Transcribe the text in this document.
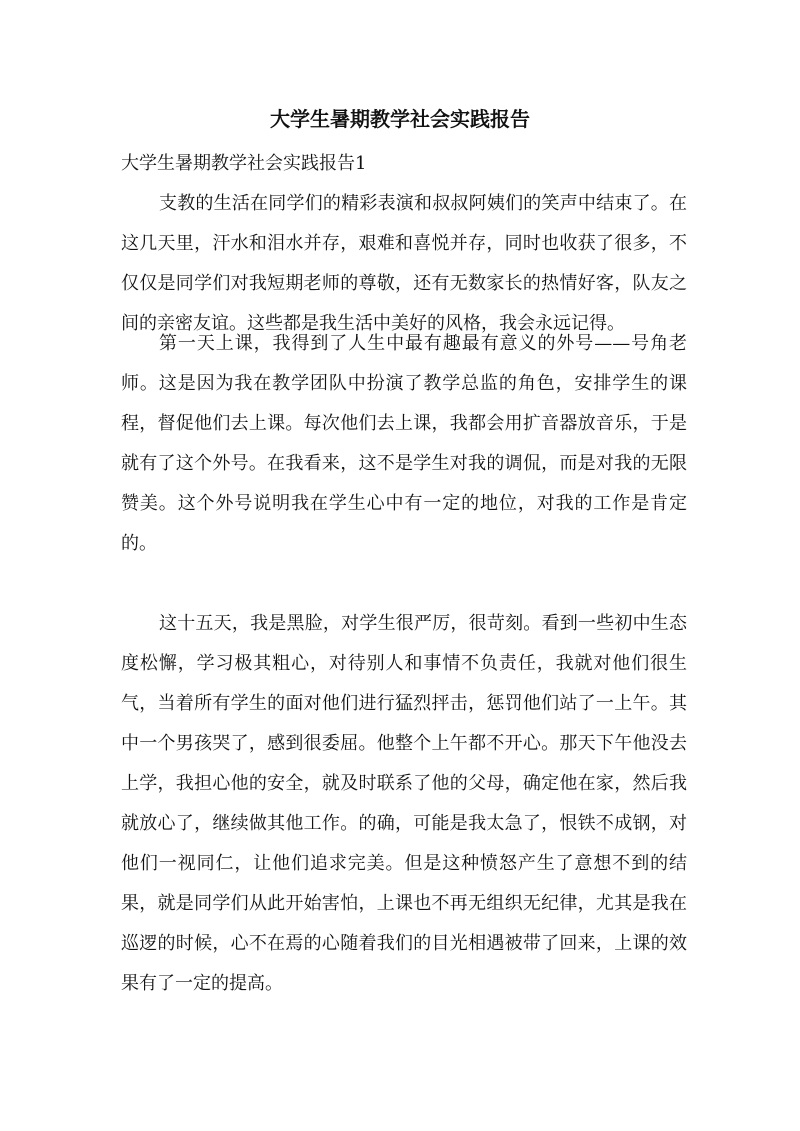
大学生暑期教学社会实践报告
大学生暑期教学社会实践报告1

支教的生活在同学们的精彩表演和叔叔阿姨们的笑声中结束了。在这几天里，汗水和泪水并存，艰难和喜悦并存，同时也收获了很多，不仅仅是同学们对我短期老师的尊敬，还有无数家长的热情好客，队友之间的亲密友谊。这些都是我生活中美好的风格，我会永远记得。

第一天上课，我得到了人生中最有趣最有意义的外号——号角老师。这是因为我在教学团队中扮演了教学总监的角色，安排学生的课程，督促他们去上课。每次他们去上课，我都会用扩音器放音乐，于是就有了这个外号。在我看来，这不是学生对我的调侃，而是对我的无限赞美。这个外号说明我在学生心中有一定的地位，对我的工作是肯定的。

这十五天，我是黑脸，对学生很严厉，很苛刻。看到一些初中生态度松懈，学习极其粗心，对待别人和事情不负责任，我就对他们很生气，当着所有学生的面对他们进行猛烈抨击，惩罚他们站了一上午。其中一个男孩哭了，感到很委屈。他整个上午都不开心。那天下午他没去上学，我担心他的安全，就及时联系了他的父母，确定他在家，然后我就放心了，继续做其他工作。的确，可能是我太急了，恨铁不成钢，对他们一视同仁，让他们追求完美。但是这种愤怒产生了意想不到的结果，就是同学们从此开始害怕，上课也不再无组织无纪律，尤其是我在巡逻的时候，心不在焉的心随着我们的目光相遇被带了回来，上课的效果有了一定的提高。
